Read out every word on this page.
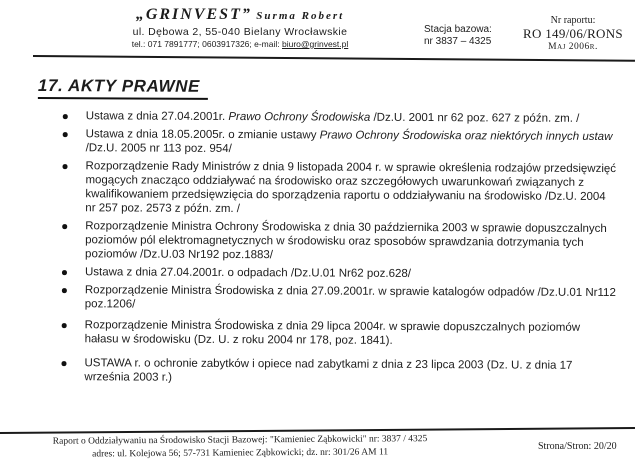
„GRINVEST” Surma Robert
ul. Dębowa 2, 55-040 Bielany Wrocławskie
tel.: 071 7891777; 0603917326; e-mail: biuro@grinvest.pl
Stacja bazowa:
nr 3837 – 4325
Nr raportu:
RO 149/06/RONS
Maj 2006r.
17. AKTY PRAWNE
Ustawa z dnia 27.04.2001r. Prawo Ochrony Środowiska /Dz.U. 2001 nr 62 poz. 627 z późn. zm. /
Ustawa z dnia 18.05.2005r. o zmianie ustawy Prawo Ochrony Środowiska oraz niektórych innych ustaw /Dz.U. 2005 nr 113 poz. 954/
Rozporządzenie Rady Ministrów z dnia 9 listopada 2004 r. w sprawie określenia rodzajów przedsięwzięć mogących znacząco oddziaływać na środowisko oraz szczegółowych uwarunkowań związanych z kwalifikowaniem przedsięwzięcia do sporządzenia raportu o oddziaływaniu na środowisko /Dz.U. 2004 nr 257 poz. 2573 z późn. zm. /
Rozporządzenie Ministra Ochrony Środowiska z dnia 30 października 2003 w sprawie dopuszczalnych poziomów pól elektromagnetycznych w środowisku oraz sposobów sprawdzania dotrzymania tych poziomów /Dz.U.03 Nr192 poz.1883/
Ustawa z dnia 27.04.2001r. o odpadach /Dz.U.01 Nr62 poz.628/
Rozporządzenie Ministra Środowiska z dnia 27.09.2001r. w sprawie katalogów odpadów /Dz.U.01 Nr112 poz.1206/
Rozporządzenie Ministra Środowiska z dnia 29 lipca 2004r. w sprawie dopuszczalnych poziomów hałasu w środowisku (Dz. U. z roku 2004 nr 178, poz. 1841).
USTAWA r. o ochronie zabytków i opiece nad zabytkami z dnia z 23 lipca 2003 (Dz. U. z dnia 17 września 2003 r.)
Raport o Oddziaływaniu na Środowisko Stacji Bazowej: "Kamieniec Ząbkowicki" nr: 3837 / 4325
adres: ul. Kolejowa 56; 57-731 Kamieniec Ząbkowicki; dz. nr: 301/26 AM 11
Strona/Stron: 20/20
